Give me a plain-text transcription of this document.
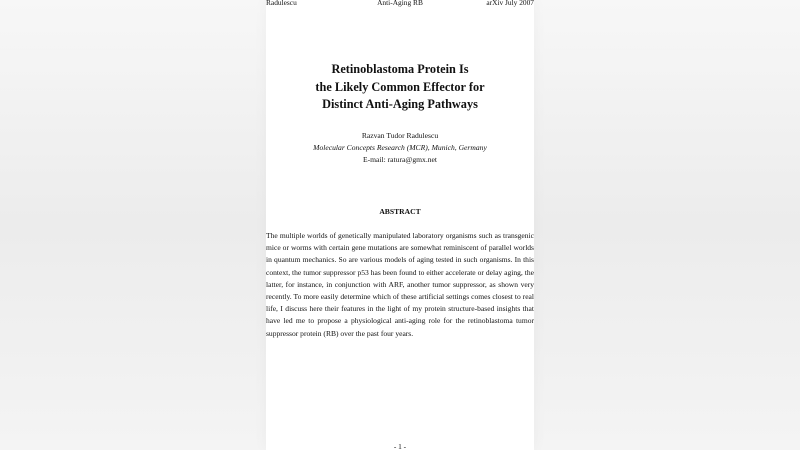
Radulescu	Anti-Aging RB	arXiv July 2007
Retinoblastoma Protein Is
the Likely Common Effector for
Distinct Anti-Aging Pathways
Razvan Tudor Radulescu
Molecular Concepts Research (MCR), Munich, Germany
E-mail: ratura@gmx.net
ABSTRACT
The multiple worlds of genetically manipulated laboratory organisms such as transgenic mice or worms with certain gene mutations are somewhat reminiscent of parallel worlds in quantum mechanics. So are various models of aging tested in such organisms. In this context, the tumor suppressor p53 has been found to either accelerate or delay aging, the latter, for instance, in conjunction with ARF, another tumor suppressor, as shown very recently. To more easily determine which of these artificial settings comes closest to real life, I discuss here their features in the light of my protein structure-based insights that have led me to propose a physiological anti-aging role for the retinoblastoma tumor suppressor protein (RB) over the past four years.
- 1 -
